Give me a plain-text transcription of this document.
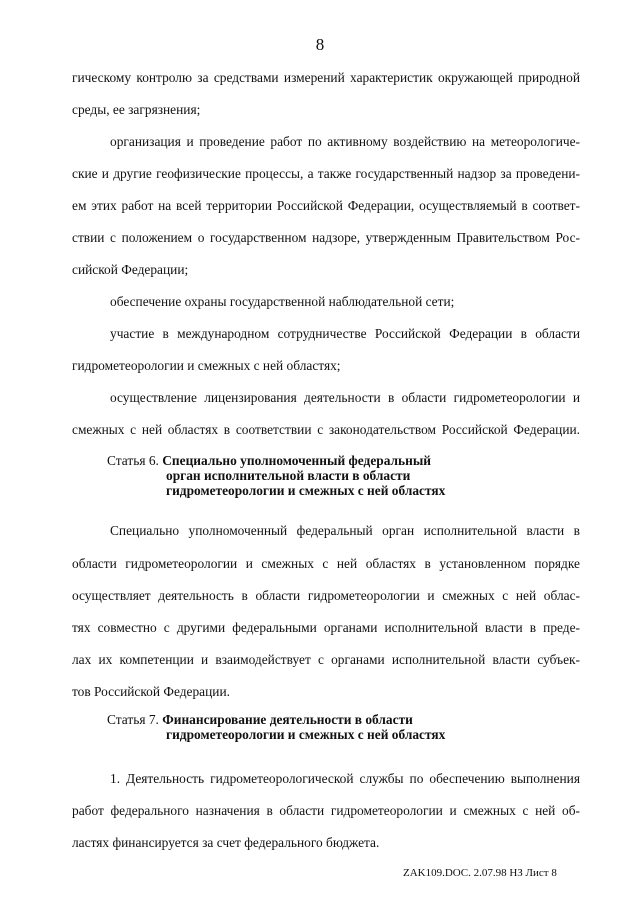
8
гическому контролю за средствами измерений характеристик окружающей природной
среды, ее загрязнения;
организация и проведение работ по активному воздействию на метеорологиче-
ские и другие геофизические процессы, а также государственный надзор за проведени-
ем этих работ на всей территории Российской Федерации, осуществляемый в соответ-
ствии с положением о государственном надзоре, утвержденным Правительством Рос-
сийской Федерации;
обеспечение охраны государственной наблюдательной сети;
участие в международном сотрудничестве Российской Федерации в области
гидрометеорологии и смежных с ней областях;
осуществление лицензирования деятельности в области гидрометеорологии и
смежных с ней областях в соответствии с законодательством Российской Федерации.
Статья 6. Специально уполномоченный федеральный
орган исполнительной власти в области
гидрометеорологии и смежных с ней областях
Специально уполномоченный федеральный орган исполнительной власти в
области гидрометеорологии и смежных с ней областях в установленном порядке
осуществляет деятельность в области гидрометеорологии и смежных с ней облас-
тях совместно с другими федеральными органами исполнительной власти в преде-
лах их компетенции и взаимодействует с органами исполнительной власти субъек-
тов Российской Федерации.
Статья 7. Финансирование деятельности в области
гидрометеорологии и смежных с ней областях
1. Деятельность гидрометеорологической службы по обеспечению выполнения
работ федерального назначения в области гидрометеорологии и смежных с ней об-
ластях финансируется за счет федерального бюджета.
ZAK109.DOC. 2.07.98 НЗ Лист 8
